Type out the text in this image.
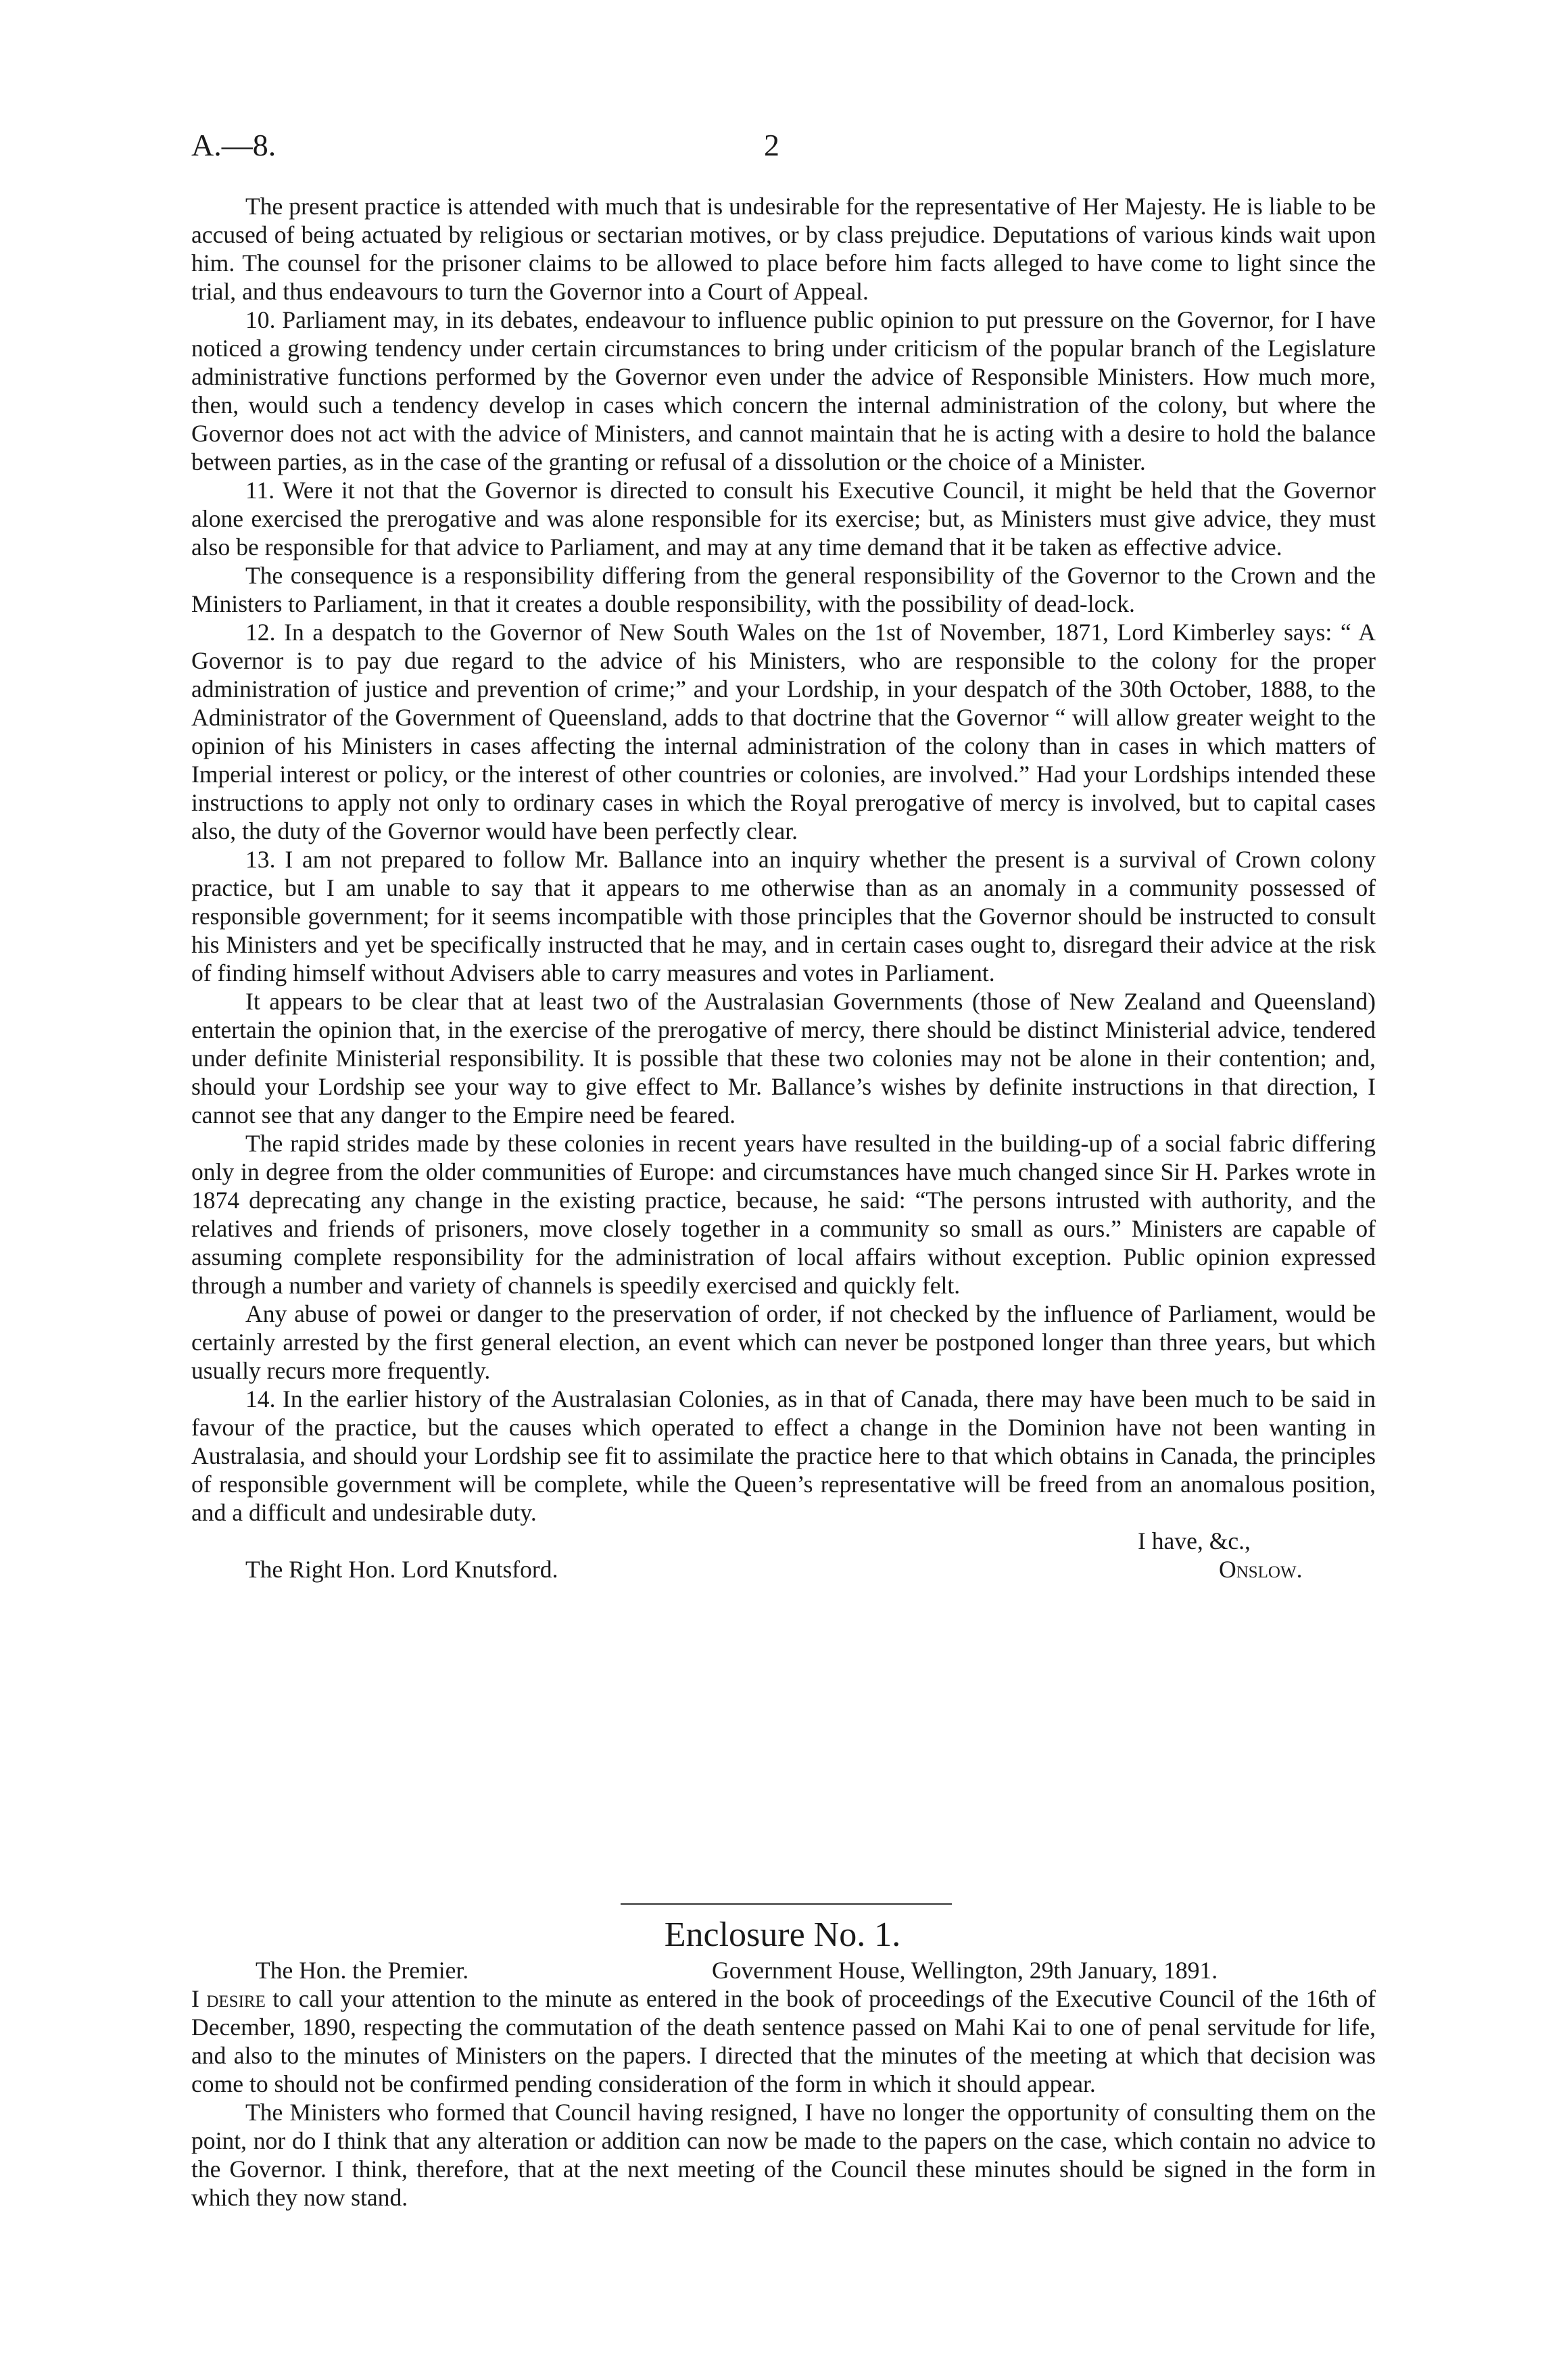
A.—8.	2

The present practice is attended with much that is undesirable for the representative of Her Majesty. He is liable to be accused of being actuated by religious or sectarian motives, or by class prejudice. Deputations of various kinds wait upon him. The counsel for the prisoner claims to be allowed to place before him facts alleged to have come to light since the trial, and thus endeavours to turn the Governor into a Court of Appeal.

10. Parliament may, in its debates, endeavour to influence public opinion to put pressure on the Governor, for I have noticed a growing tendency under certain circumstances to bring under criticism of the popular branch of the Legislature administrative functions performed by the Governor even under the advice of Responsible Ministers. How much more, then, would such a tendency develop in cases which concern the internal administration of the colony, but where the Governor does not act with the advice of Ministers, and cannot maintain that he is acting with a desire to hold the balance between parties, as in the case of the granting or refusal of a dissolution or the choice of a Minister.

11. Were it not that the Governor is directed to consult his Executive Council, it might be held that the Governor alone exercised the prerogative and was alone responsible for its exercise; but, as Ministers must give advice, they must also be responsible for that advice to Parliament, and may at any time demand that it be taken as effective advice.

The consequence is a responsibility differing from the general responsibility of the Governor to the Crown and the Ministers to Parliament, in that it creates a double responsibility, with the possibility of dead-lock.

12. In a despatch to the Governor of New South Wales on the 1st of November, 1871, Lord Kimberley says: “ A Governor is to pay due regard to the advice of his Ministers, who are responsible to the colony for the proper administration of justice and prevention of crime;” and your Lordship, in your despatch of the 30th October, 1888, to the Administrator of the Government of Queensland, adds to that doctrine that the Governor “ will allow greater weight to the opinion of his Ministers in cases affecting the internal administration of the colony than in cases in which matters of Imperial interest or policy, or the interest of other countries or colonies, are involved.” Had your Lordships intended these instructions to apply not only to ordinary cases in which the Royal prerogative of mercy is involved, but to capital cases also, the duty of the Governor would have been perfectly clear.

13. I am not prepared to follow Mr. Ballance into an inquiry whether the present is a survival of Crown colony practice, but I am unable to say that it appears to me otherwise than as an anomaly in a community possessed of responsible government; for it seems incompatible with those principles that the Governor should be instructed to consult his Ministers and yet be specifically instructed that he may, and in certain cases ought to, disregard their advice at the risk of finding himself without Advisers able to carry measures and votes in Parliament.

It appears to be clear that at least two of the Australasian Governments (those of New Zealand and Queensland) entertain the opinion that, in the exercise of the prerogative of mercy, there should be distinct Ministerial advice, tendered under definite Ministerial responsibility. It is possible that these two colonies may not be alone in their contention; and, should your Lordship see your way to give effect to Mr. Ballance’s wishes by definite instructions in that direction, I cannot see that any danger to the Empire need be feared.

The rapid strides made by these colonies in recent years have resulted in the building-up of a social fabric differing only in degree from the older communities of Europe: and circumstances have much changed since Sir H. Parkes wrote in 1874 deprecating any change in the existing practice, because, he said: “The persons intrusted with authority, and the relatives and friends of prisoners, move closely together in a community so small as ours.” Ministers are capable of assuming complete responsibility for the administration of local affairs without exception. Public opinion expressed through a number and variety of channels is speedily exercised and quickly felt.

Any abuse of powei or danger to the preservation of order, if not checked by the influence of Parliament, would be certainly arrested by the first general election, an event which can never be postponed longer than three years, but which usually recurs more frequently.

14. In the earlier history of the Australasian Colonies, as in that of Canada, there may have been much to be said in favour of the practice, but the causes which operated to effect a change in the Dominion have not been wanting in Australasia, and should your Lordship see fit to assimilate the practice here to that which obtains in Canada, the principles of responsible government will be complete, while the Queen’s representative will be freed from an anomalous position, and a difficult and undesirable duty.

I have, &c.,
The Right Hon. Lord Knutsford.	Onslow.
Enclosure No. 1.
The Hon. the Premier.	Government House, Wellington, 29th January, 1891.

I desire to call your attention to the minute as entered in the book of proceedings of the Executive Council of the 16th of December, 1890, respecting the commutation of the death sentence passed on Mahi Kai to one of penal servitude for life, and also to the minutes of Ministers on the papers. I directed that the minutes of the meeting at which that decision was come to should not be confirmed pending consideration of the form in which it should appear.

The Ministers who formed that Council having resigned, I have no longer the opportunity of consulting them on the point, nor do I think that any alteration or addition can now be made to the papers on the case, which contain no advice to the Governor. I think, therefore, that at the next meeting of the Council these minutes should be signed in the form in which they now stand.
